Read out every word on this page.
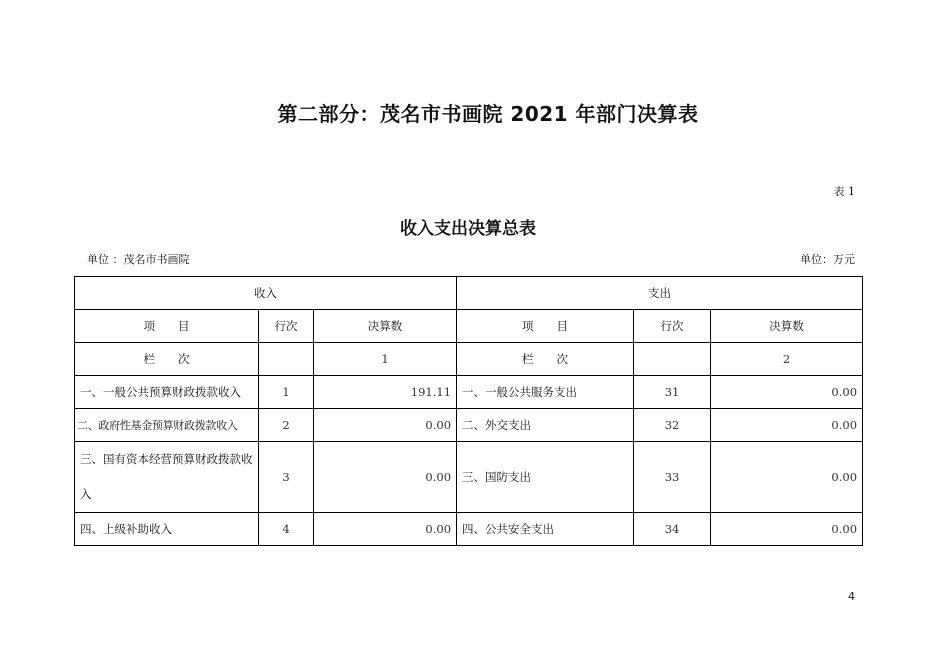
第二部分：茂名市书画院 2021 年部门决算表
表 1
收入支出决算总表
单位 ：茂名市书画院	单位：万元
收入			支出		
项　　目	行次	决算数	项　　目	行次	决算数
栏　　次		1	栏　　次		2
一、一般公共预算财政拨款收入	1	191.11	一、一般公共服务支出	31	0.00
二、政府性基金预算财政拨款收入	2	0.00	二、外交支出	32	0.00
三、国有资本经营预算财政拨款收入	3	0.00	三、国防支出	33	0.00
四、上级补助收入	4	0.00	四、公共安全支出	34	0.00
4
